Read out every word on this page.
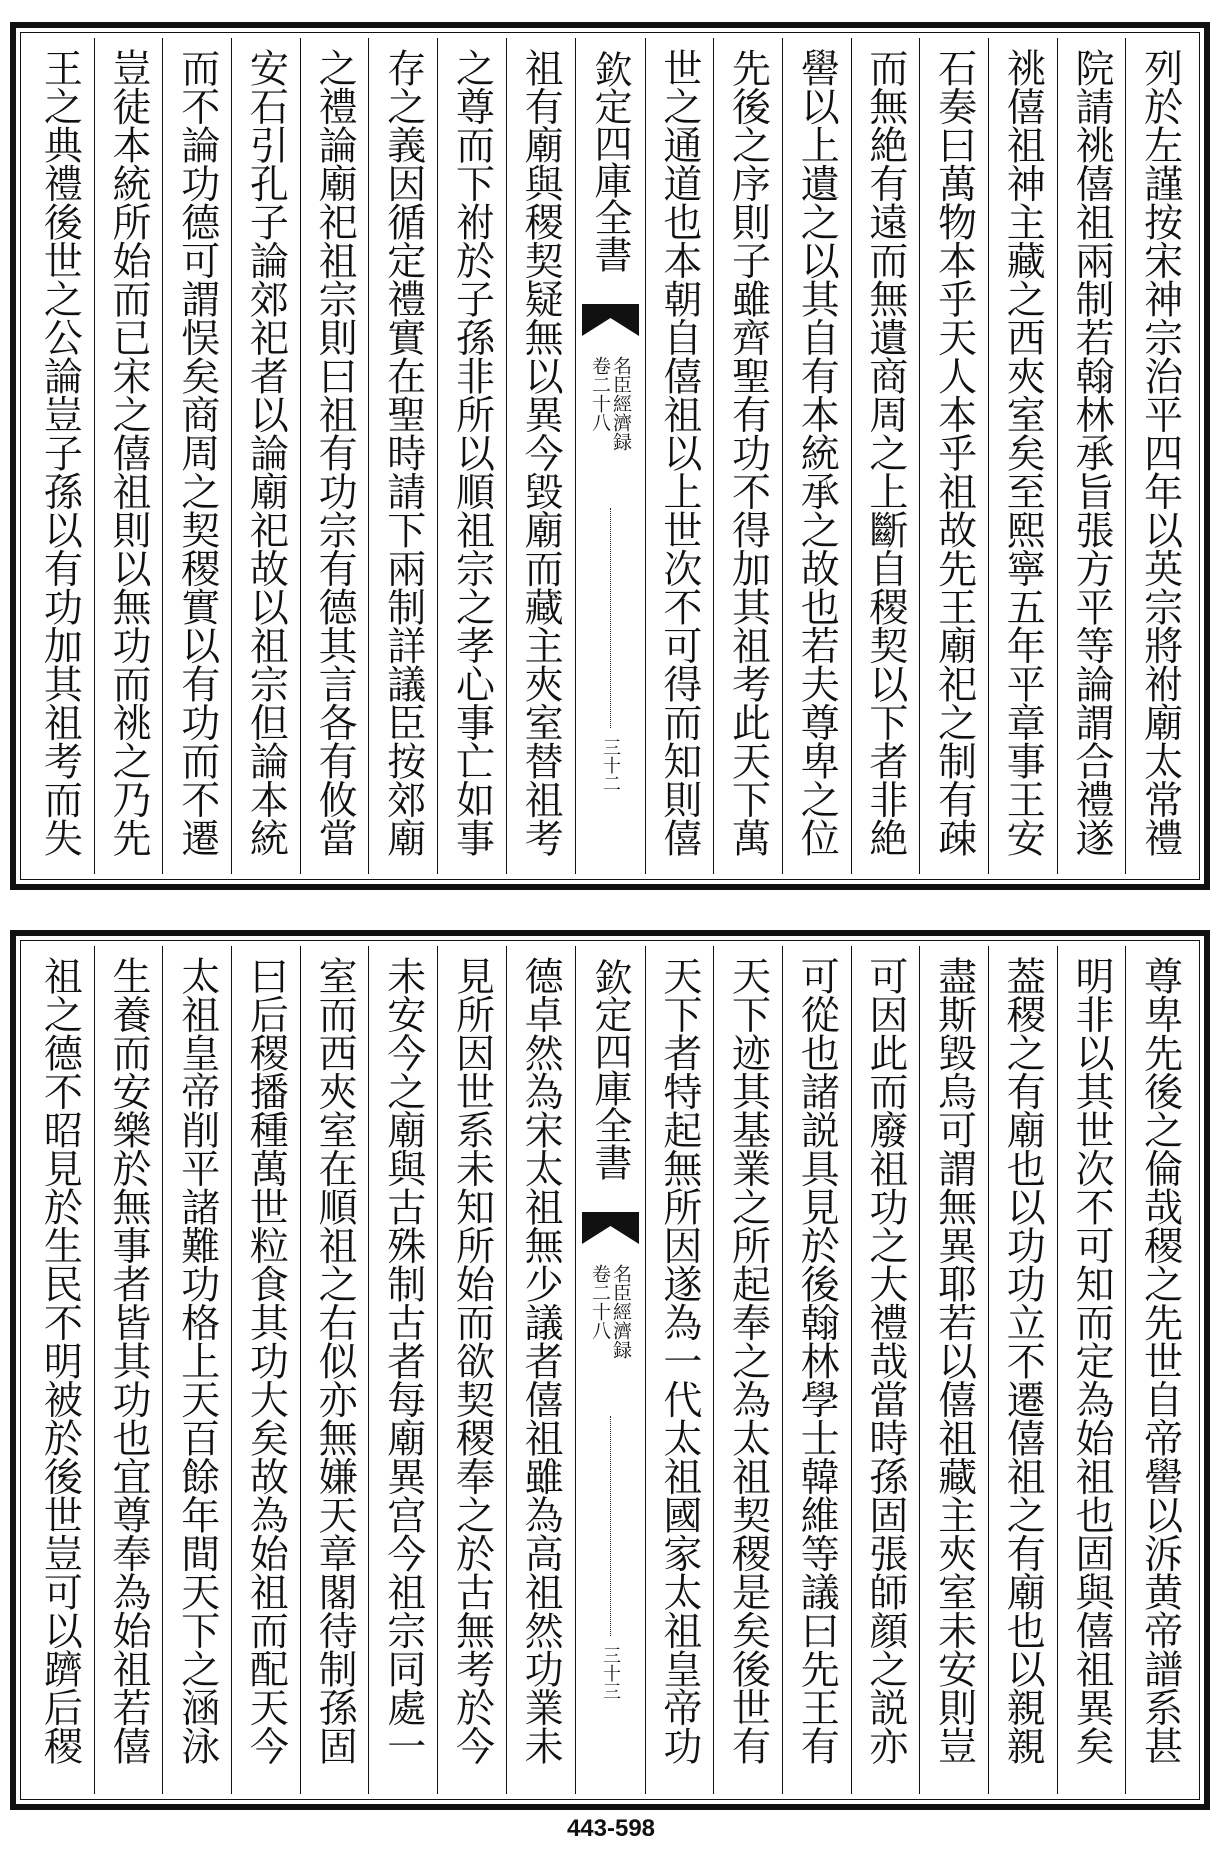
列於左謹按宋神宗治平四年以英宗將祔廟太常禮
院請祧僖祖兩制若翰林承旨張方平等論謂合禮遂
祧僖祖神主藏之西夾室矣至熙寧五年平章事王安
石奏曰萬物本乎天人本乎祖故先王廟祀之制有疎
而無絶有遠而無遺商周之上斷自稷契以下者非絶
嚳以上遺之以其自有本統承之故也若夫尊卑之位
先後之序則子雖齊聖有功不得加其祖考此天下萬
世之通道也本朝自僖祖以上世次不可得而知則僖
欽定四庫全書
名臣經濟録
卷二十八
三十二
祖有廟與稷契疑無以異今毀廟而藏主夾室替祖考
之尊而下祔於子孫非所以順祖宗之孝心事亡如事
存之義因循定禮實在聖時請下兩制詳議臣按郊廟
之禮論廟祀祖宗則曰祖有功宗有德其言各有攸當
安石引孔子論郊祀者以論廟祀故以祖宗但論本統
而不論功德可謂悮矣商周之契稷實以有功而不遷
豈徒本統所始而已宋之僖祖則以無功而祧之乃先
王之典禮後世之公論豈子孫以有功加其祖考而失
尊卑先後之倫哉稷之先世自帝嚳以泝黄帝譜系甚
明非以其世次不可知而定為始祖也固與僖祖異矣
葢稷之有廟也以功功立不遷僖祖之有廟也以親親
盡斯毀烏可謂無異耶若以僖祖藏主夾室未安則豈
可因此而廢祖功之大禮哉當時孫固張師顔之説亦
可從也諸説具見於後翰林學士韓維等議曰先王有
天下迹其基業之所起奉之為太祖契稷是矣後世有
天下者特起無所因遂為一代太祖國家太祖皇帝功
欽定四庫全書
名臣經濟録
卷二十八
三十三
德卓然為宋太祖無少議者僖祖雖為高祖然功業未
見所因世系未知所始而欲契稷奉之於古無考於今
未安今之廟與古殊制古者每廟異宫今祖宗同處一
室而西夾室在順祖之右似亦無嫌天章閣待制孫固
曰后稷播種萬世粒食其功大矣故為始祖而配天今
太祖皇帝削平諸難功格上天百餘年間天下之涵泳
生養而安樂於無事者皆其功也宜尊奉為始祖若僖
祖之德不昭見於生民不明被於後世豈可以躋后稷
443-598
